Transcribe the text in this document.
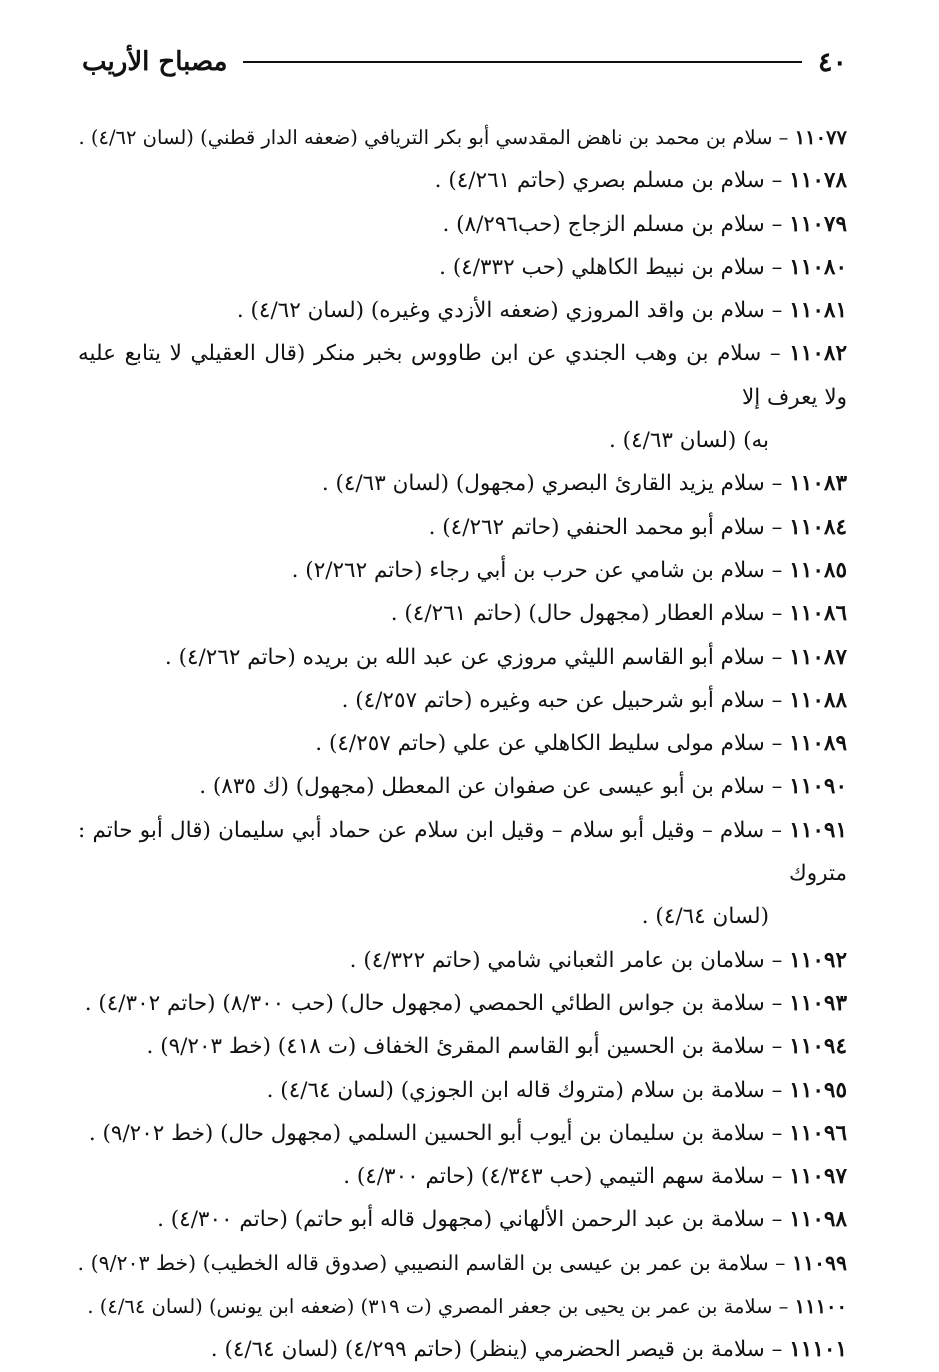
٤٠
مصباح الأريب
١١٠٧٧ – سلام بن محمد بن ناهض المقدسي أبو بكر التريافي (ضعفه الدار قطني) (لسان ٤/٦٢) .
١١٠٧٨ – سلام بن مسلم بصري (حاتم ٤/٢٦١) .
١١٠٧٩ – سلام بن مسلم الزجاج (حب٨/٢٩٦) .
١١٠٨٠ – سلام بن نبيط الكاهلي (حب ٤/٣٣٢) .
١١٠٨١ – سلام بن واقد المروزي (ضعفه الأزدي وغيره) (لسان ٤/٦٢) .
١١٠٨٢ – سلام بن وهب الجندي عن ابن طاووس بخبر منكر (قال العقيلي لا يتابع عليه ولا يعرف إلا
به) (لسان ٤/٦٣) .
١١٠٨٣ – سلام يزيد القارئ البصري (مجهول) (لسان ٤/٦٣) .
١١٠٨٤ – سلام أبو محمد الحنفي (حاتم ٤/٢٦٢) .
١١٠٨٥ – سلام بن شامي عن حرب بن أبي رجاء (حاتم ٢/٢٦٢) .
١١٠٨٦ – سلام العطار (مجهول حال) (حاتم ٤/٢٦١) .
١١٠٨٧ – سلام أبو القاسم الليثي مروزي عن عبد الله بن بريده (حاتم ٤/٢٦٢) .
١١٠٨٨ – سلام أبو شرحبيل عن حبه وغيره (حاتم ٤/٢٥٧) .
١١٠٨٩ – سلام مولى سليط الكاهلي عن علي (حاتم ٤/٢٥٧) .
١١٠٩٠ – سلام بن أبو عيسى عن صفوان عن المعطل (مجهول) (ك ٨٣٥) .
١١٠٩١ – سلام – وقيل أبو سلام – وقيل ابن سلام عن حماد أبي سليمان (قال أبو حاتم : متروك
(لسان ٤/٦٤) .
١١٠٩٢ – سلامان بن عامر الثعباني شامي (حاتم ٤/٣٢٢) .
١١٠٩٣ – سلامة بن جواس الطائي الحمصي (مجهول حال) (حب ٨/٣٠٠) (حاتم ٤/٣٠٢) .
١١٠٩٤ – سلامة بن الحسين أبو القاسم المقرئ الخفاف (ت ٤١٨) (خط ٩/٢٠٣) .
١١٠٩٥ – سلامة بن سلام (متروك قاله ابن الجوزي) (لسان ٤/٦٤) .
١١٠٩٦ – سلامة بن سليمان بن أيوب أبو الحسين السلمي (مجهول حال) (خط ٩/٢٠٢) .
١١٠٩٧ – سلامة سهم التيمي (حب ٤/٣٤٣) (حاتم ٤/٣٠٠) .
١١٠٩٨ – سلامة بن عبد الرحمن الألهاني (مجهول قاله أبو حاتم) (حاتم ٤/٣٠٠) .
١١٠٩٩ – سلامة بن عمر بن عيسى بن القاسم النصيبي (صدوق قاله الخطيب) (خط ٩/٢٠٣) .
١١١٠٠ – سلامة بن عمر بن يحيى بن جعفر المصري (ت ٣١٩) (ضعفه ابن يونس) (لسان ٤/٦٤) .
١١١٠١ – سلامة بن قيصر الحضرمي (ينظر) (حاتم ٤/٢٩٩) (لسان ٤/٦٤) .
